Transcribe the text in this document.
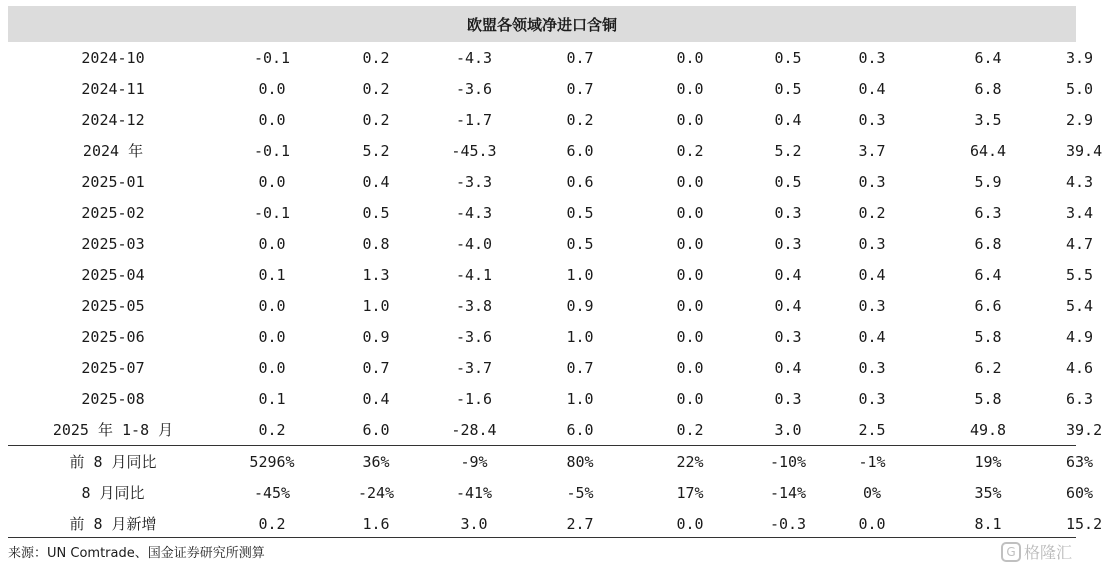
欧盟各领域净进口含铜
2024-10	-0.1	0.2	-4.3	0.7	0.0	0.5	0.3	6.4	3.9
2024-11	0.0	0.2	-3.6	0.7	0.0	0.5	0.4	6.8	5.0
2024-12	0.0	0.2	-1.7	0.2	0.0	0.4	0.3	3.5	2.9
2024 年	-0.1	5.2	-45.3	6.0	0.2	5.2	3.7	64.4	39.4
2025-01	0.0	0.4	-3.3	0.6	0.0	0.5	0.3	5.9	4.3
2025-02	-0.1	0.5	-4.3	0.5	0.0	0.3	0.2	6.3	3.4
2025-03	0.0	0.8	-4.0	0.5	0.0	0.3	0.3	6.8	4.7
2025-04	0.1	1.3	-4.1	1.0	0.0	0.4	0.4	6.4	5.5
2025-05	0.0	1.0	-3.8	0.9	0.0	0.4	0.3	6.6	5.4
2025-06	0.0	0.9	-3.6	1.0	0.0	0.3	0.4	5.8	4.9
2025-07	0.0	0.7	-3.7	0.7	0.0	0.4	0.3	6.2	4.6
2025-08	0.1	0.4	-1.6	1.0	0.0	0.3	0.3	5.8	6.3
2025 年 1-8 月	0.2	6.0	-28.4	6.0	0.2	3.0	2.5	49.8	39.2
前 8 月同比	5296%	36%	-9%	80%	22%	-10%	-1%	19%	63%
8 月同比	-45%	-24%	-41%	-5%	17%	-14%	0%	35%	60%
前 8 月新增	0.2	1.6	3.0	2.7	0.0	-0.3	0.0	8.1	15.2
来源：UN Comtrade、国金证券研究所测算	G 格隆汇
